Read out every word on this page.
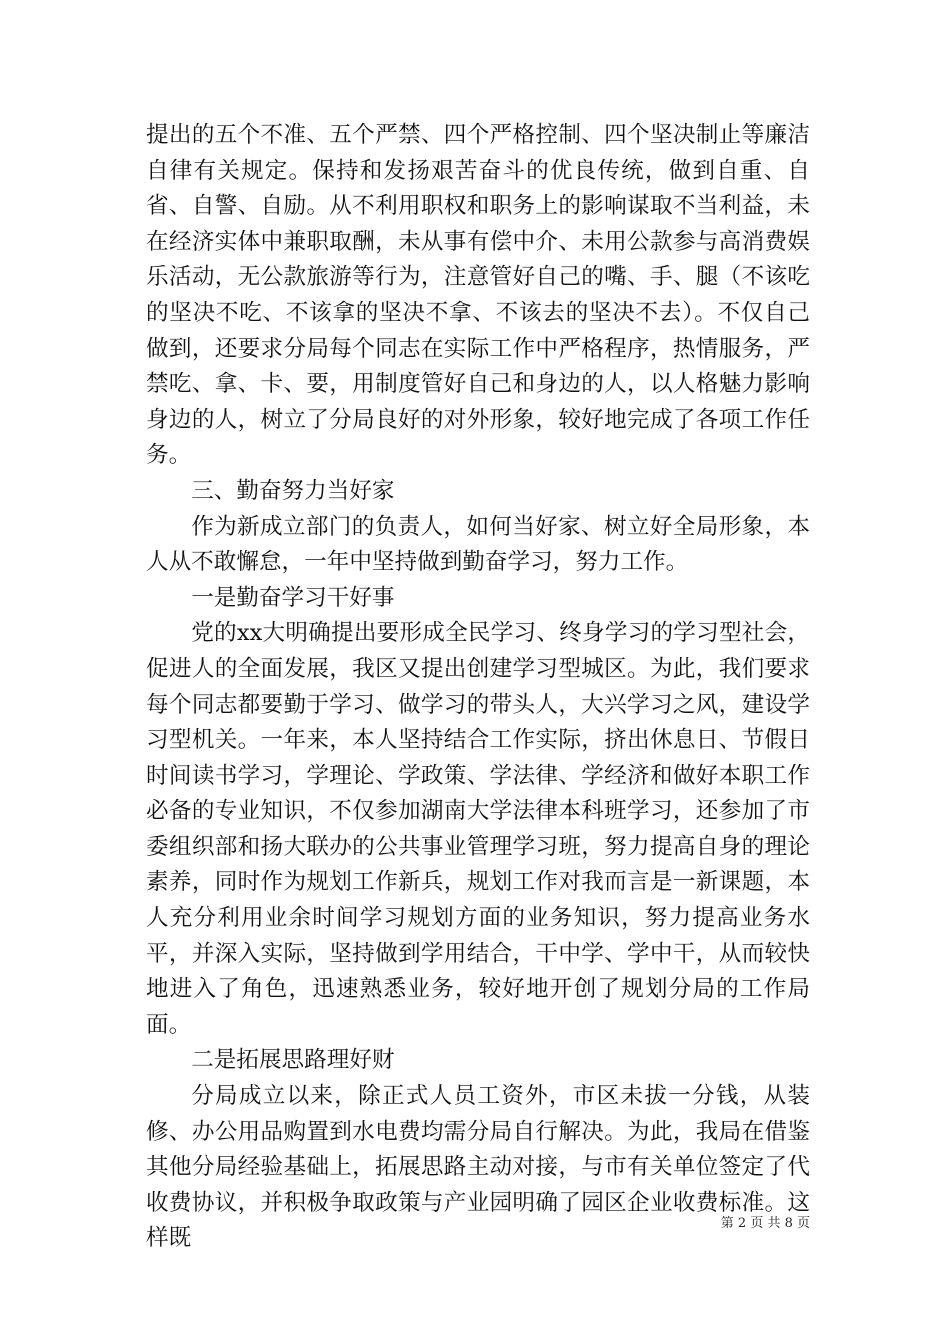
提出的五个不准、五个严禁、四个严格控制、四个坚决制止等廉洁自律有关规定。保持和发扬艰苦奋斗的优良传统，做到自重、自省、自警、自励。从不利用职权和职务上的影响谋取不当利益，未在经济实体中兼职取酬，未从事有偿中介、未用公款参与高消费娱乐活动，无公款旅游等行为，注意管好自己的嘴、手、腿（不该吃的坚决不吃、不该拿的坚决不拿、不该去的坚决不去）。不仅自己做到，还要求分局每个同志在实际工作中严格程序，热情服务，严禁吃、拿、卡、要，用制度管好自己和身边的人，以人格魅力影响身边的人，树立了分局良好的对外形象，较好地完成了各项工作任务。

三、勤奋努力当好家

作为新成立部门的负责人，如何当好家、树立好全局形象，本人从不敢懈怠，一年中坚持做到勤奋学习，努力工作。

一是勤奋学习干好事

党的xx大明确提出要形成全民学习、终身学习的学习型社会，促进人的全面发展，我区又提出创建学习型城区。为此，我们要求每个同志都要勤于学习、做学习的带头人，大兴学习之风，建设学习型机关。一年来，本人坚持结合工作实际，挤出休息日、节假日时间读书学习，学理论、学政策、学法律、学经济和做好本职工作必备的专业知识，不仅参加湖南大学法律本科班学习，还参加了市委组织部和扬大联办的公共事业管理学习班，努力提高自身的理论素养，同时作为规划工作新兵，规划工作对我而言是一新课题，本人充分利用业余时间学习规划方面的业务知识，努力提高业务水平，并深入实际，坚持做到学用结合，干中学、学中干，从而较快地进入了角色，迅速熟悉业务，较好地开创了规划分局的工作局面。

二是拓展思路理好财

分局成立以来，除正式人员工资外，市区未拔一分钱，从装修、办公用品购置到水电费均需分局自行解决。为此，我局在借鉴其他分局经验基础上，拓展思路主动对接，与市有关单位签定了代收费协议，并积极争取政策与产业园明确了园区企业收费标准。这样既

第 2 页 共 8 页
